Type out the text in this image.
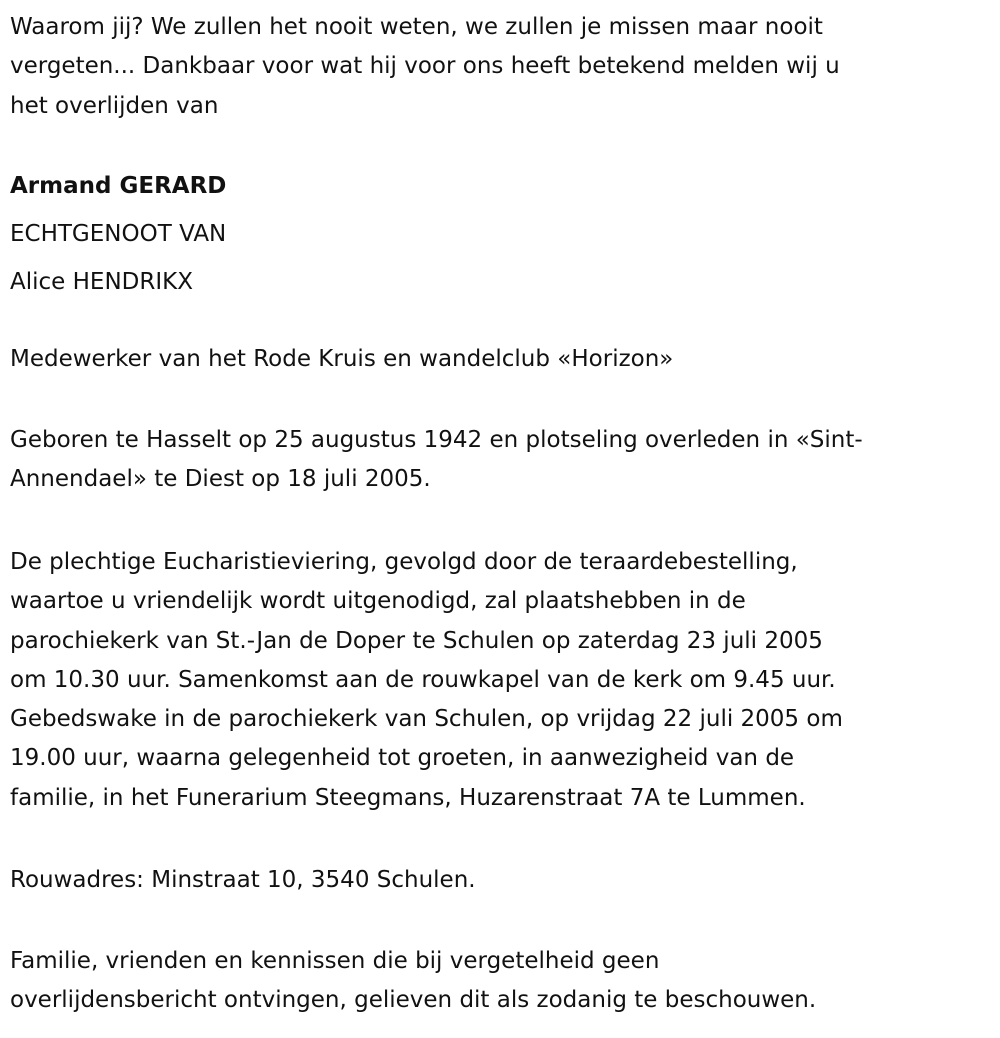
Waarom jij? We zullen het nooit weten, we zullen je missen maar nooit
vergeten... Dankbaar voor wat hij voor ons heeft betekend melden wij u
het overlijden van
Armand GERARD
ECHTGENOOT VAN
Alice HENDRIKX
Medewerker van het Rode Kruis en wandelclub «Horizon»
Geboren te Hasselt op 25 augustus 1942 en plotseling overleden in «Sint-
Annendael» te Diest op 18 juli 2005.
De plechtige Eucharistieviering, gevolgd door de teraardebestelling,
waartoe u vriendelijk wordt uitgenodigd, zal plaatshebben in de
parochiekerk van St.-Jan de Doper te Schulen op zaterdag 23 juli 2005
om 10.30 uur. Samenkomst aan de rouwkapel van de kerk om 9.45 uur.
Gebedswake in de parochiekerk van Schulen, op vrijdag 22 juli 2005 om
19.00 uur, waarna gelegenheid tot groeten, in aanwezigheid van de
familie, in het Funerarium Steegmans, Huzarenstraat 7A te Lummen.
Rouwadres: Minstraat 10, 3540 Schulen.
Familie, vrienden en kennissen die bij vergetelheid geen
overlijdensbericht ontvingen, gelieven dit als zodanig te beschouwen.
